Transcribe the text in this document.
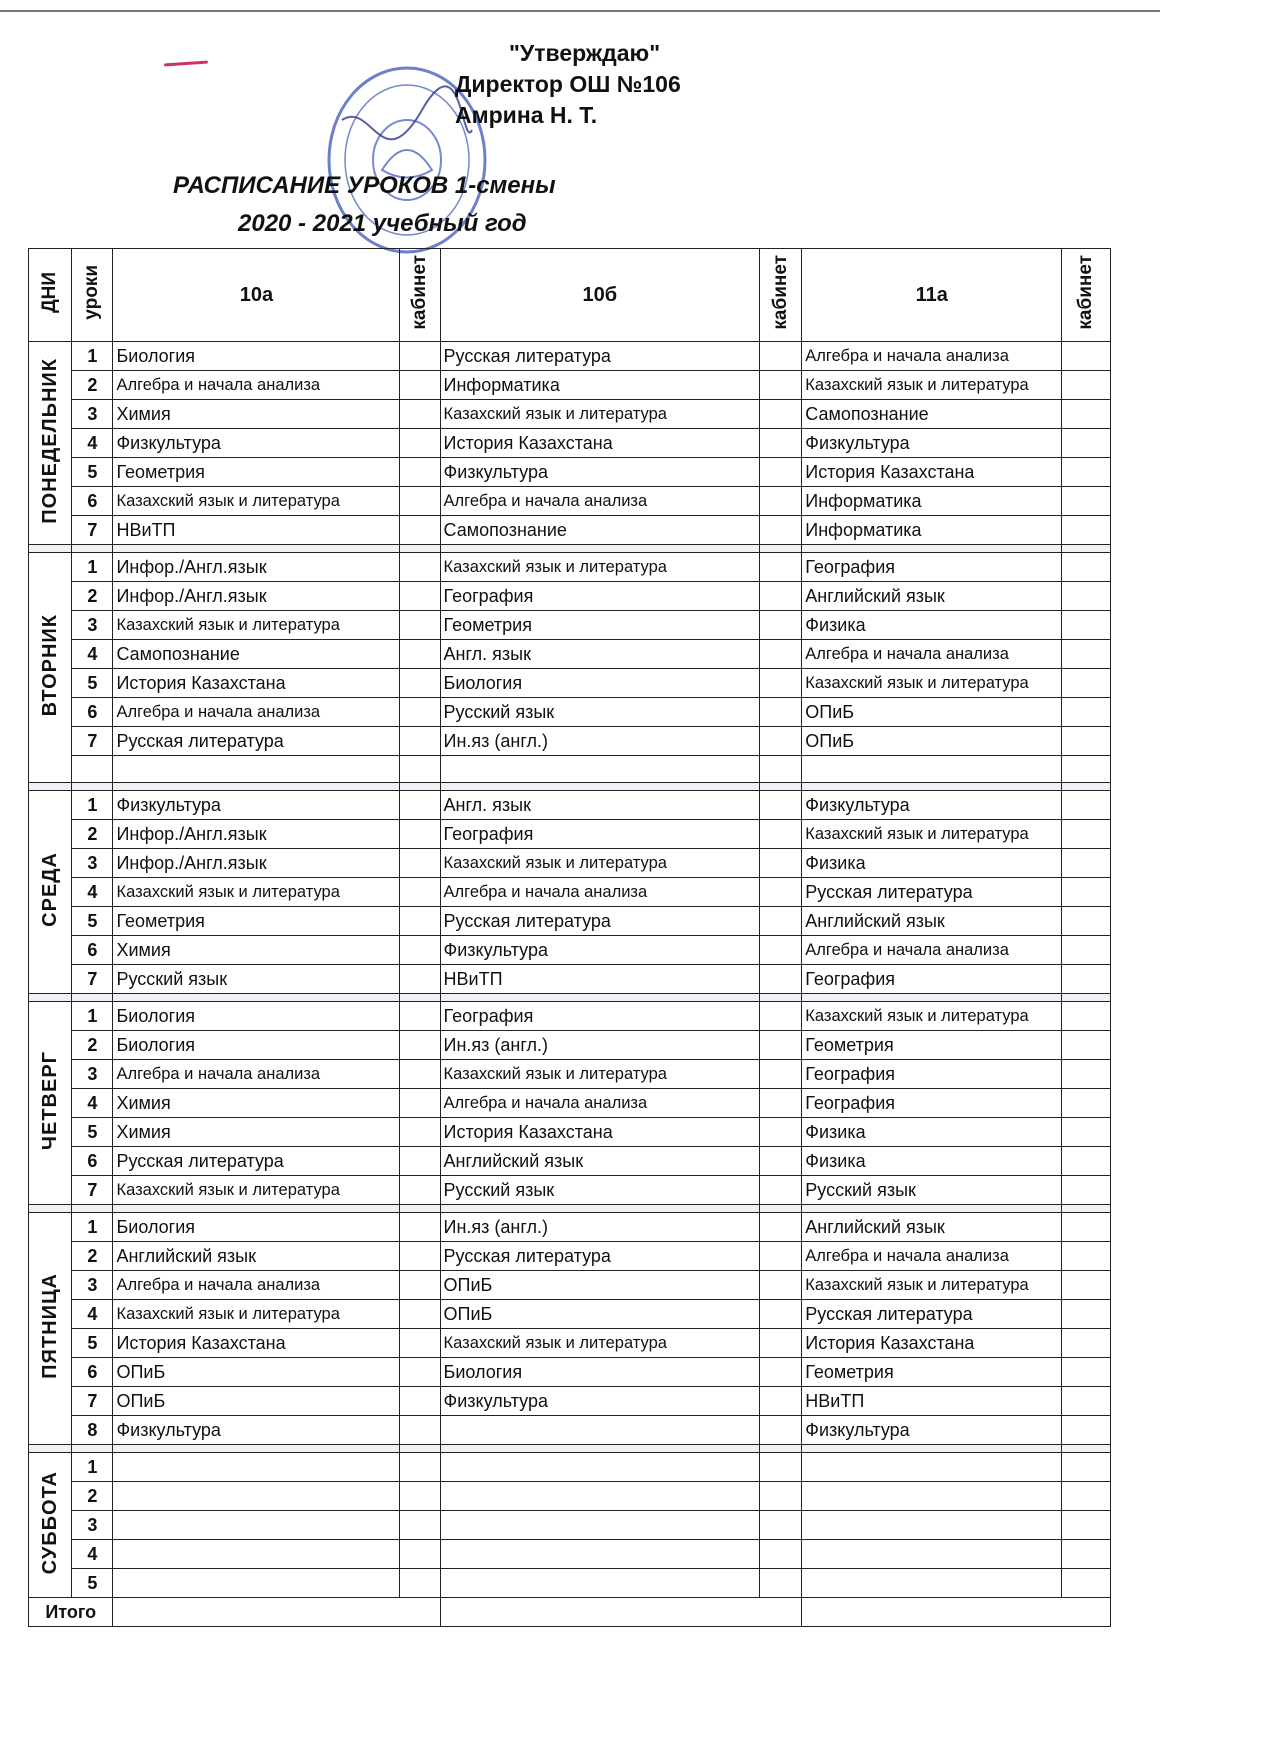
"Утверждаю"
Директор ОШ №106
Амрина Н. Т.
РАСПИСАНИЕ УРОКОВ 1-смены
2020 - 2021 учебный год
ДНИ	уроки	10а	кабинет	10б	кабинет	11а	кабинет
ПОНЕДЕЛЬНИК	1	Биология		Русская литература		Алгебра и начала анализа	
	2	Алгебра и начала анализа		Информатика		Казахский язык и литература	
	3	Химия		Казахский язык и литература		Самопознание	
	4	Физкультура		История Казахстана		Физкультура	
	5	Геометрия		Физкультура		История Казахстана	
	6	Казахский язык и литература		Алгебра и начала анализа		Информатика	
	7	НВиТП		Самопознание		Информатика	

ВТОРНИК	1	Инфор./Англ.язык		Казахский язык и литература		География	
	2	Инфор./Англ.язык		География		Английский язык	
	3	Казахский язык и литература		Геометрия		Физика	
	4	Самопознание		Англ. язык		Алгебра и начала анализа	
	5	История Казахстана		Биология		Казахский язык и литература	
	6	Алгебра и начала анализа		Русский язык		ОПиБ	
	7	Русская литература		Ин.яз (англ.)		ОПиБ	

СРЕДА	1	Физкультура		Англ. язык		Физкультура	
	2	Инфор./Англ.язык		География		Казахский язык и литература	
	3	Инфор./Англ.язык		Казахский язык и литература		Физика	
	4	Казахский язык и литература		Алгебра и начала анализа		Русская литература	
	5	Геометрия		Русская литература		Английский язык	
	6	Химия		Физкультура		Алгебра и начала анализа	
	7	Русский язык		НВиТП		География	

ЧЕТВЕРГ	1	Биология		География		Казахский язык и литература	
	2	Биология		Ин.яз (англ.)		Геометрия	
	3	Алгебра и начала анализа		Казахский язык и литература		География	
	4	Химия		Алгебра и начала анализа		География	
	5	Химия		История Казахстана		Физика	
	6	Русская литература		Английский язык		Физика	
	7	Казахский язык и литература		Русский язык		Русский язык	

ПЯТНИЦА	1	Биология		Ин.яз (англ.)		Английский язык	
	2	Английский язык		Русская литература		Алгебра и начала анализа	
	3	Алгебра и начала анализа		ОПиБ		Казахский язык и литература	
	4	Казахский язык и литература		ОПиБ		Русская литература	
	5	История Казахстана		Казахский язык и литература		История Казахстана	
	6	ОПиБ		Биология		Геометрия	
	7	ОПиБ		Физкультура		НВиТП	
	8	Физкультура				Физкультура	

СУББОТА	1						
	2						
	3						
	4						
	5						
Итого							
